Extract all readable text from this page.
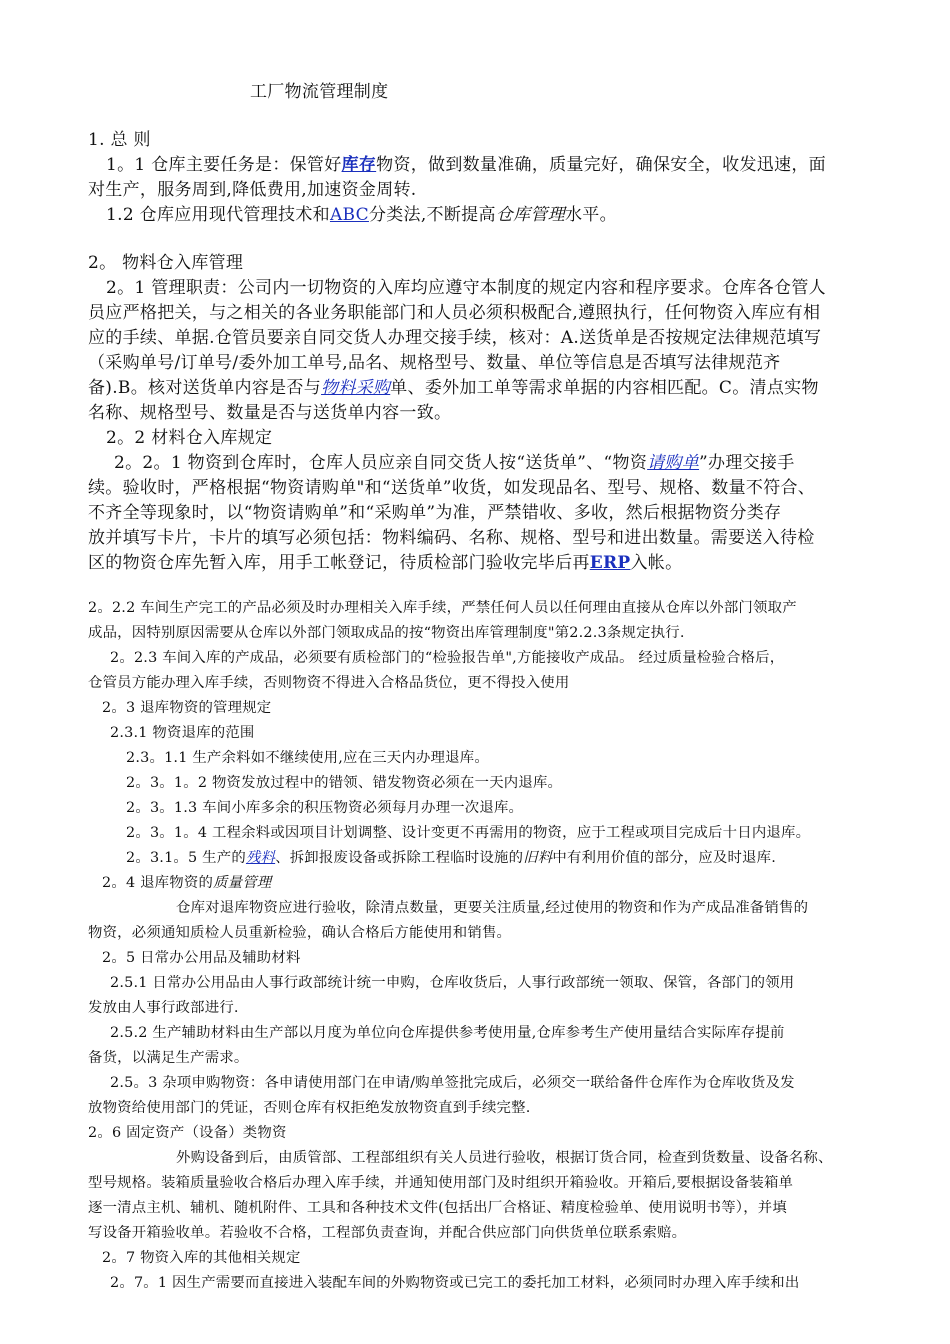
工厂物流管理制度
1. 总 则
1。1 仓库主要任务是：保管好库存物资，做到数量准确，质量完好，确保安全，收发迅速，面
对生产，服务周到,降低费用,加速资金周转.
1.2 仓库应用现代管理技术和ABC分类法,不断提高仓库管理水平。
2。 物料仓入库管理
2。1 管理职责：公司内一切物资的入库均应遵守本制度的规定内容和程序要求。仓库各仓管人
员应严格把关，与之相关的各业务职能部门和人员必须积极配合,遵照执行，任何物资入库应有相
应的手续、单据.仓管员要亲自同交货人办理交接手续，核对：A.送货单是否按规定法律规范填写
（采购单号/订单号/委外加工单号,品名、规格型号、数量、单位等信息是否填写法律规范齐
备).B。核对送货单内容是否与物料采购单、委外加工单等需求单据的内容相匹配。C。清点实物
名称、规格型号、数量是否与送货单内容一致。
2。2 材料仓入库规定
2。2。1 物资到仓库时，仓库人员应亲自同交货人按“送货单”、“物资请购单”办理交接手
续。验收时，严格根据“物资请购单"和“送货单”收货，如发现品名、型号、规格、数量不符合、
不齐全等现象时，以“物资请购单”和“采购单”为准，严禁错收、多收，然后根据物资分类存
放并填写卡片，卡片的填写必须包括：物料编码、名称、规格、型号和进出数量。需要送入待检
区的物资仓库先暂入库，用手工帐登记，待质检部门验收完毕后再ERP入帐。
2。2.2 车间生产完工的产品必须及时办理相关入库手续，严禁任何人员以任何理由直接从仓库以外部门领取产
成品，因特别原因需要从仓库以外部门领取成品的按“物资出库管理制度"第2.2.3条规定执行.
2。2.3 车间入库的产成品，必须要有质检部门的“检验报告单",方能接收产成品。 经过质量检验合格后，
仓管员方能办理入库手续，否则物资不得进入合格品货位，更不得投入使用
2。3 退库物资的管理规定
2.3.1 物资退库的范围
2.3。1.1 生产余料如不继续使用,应在三天内办理退库。
2。3。1。2 物资发放过程中的错领、错发物资必须在一天内退库。
2。3。1.3 车间小库多余的积压物资必须每月办理一次退库。
2。3。1。4 工程余料或因项目计划调整、设计变更不再需用的物资，应于工程或项目完成后十日内退库。
2。3.1。5 生产的残料、拆卸报废设备或拆除工程临时设施的旧料中有利用价值的部分，应及时退库.
2。4 退库物资的质量管理
仓库对退库物资应进行验收，除清点数量，更要关注质量,经过使用的物资和作为产成品准备销售的
物资，必须通知质检人员重新检验，确认合格后方能使用和销售。
2。5 日常办公用品及辅助材料
2.5.1 日常办公用品由人事行政部统计统一申购，仓库收货后，人事行政部统一领取、保管，各部门的领用
发放由人事行政部进行.
2.5.2 生产辅助材料由生产部以月度为单位向仓库提供参考使用量,仓库参考生产使用量结合实际库存提前
备货，以满足生产需求。
2.5。3 杂项申购物资：各申请使用部门在申请/购单签批完成后，必须交一联给备件仓库作为仓库收货及发
放物资给使用部门的凭证，否则仓库有权拒绝发放物资直到手续完整.
2。6 固定资产（设备）类物资
外购设备到后，由质管部、工程部组织有关人员进行验收，根据订货合同，检查到货数量、设备名称、
型号规格。装箱质量验收合格后办理入库手续，并通知使用部门及时组织开箱验收。开箱后,要根据设备装箱单
逐一清点主机、辅机、随机附件、工具和各种技术文件(包括出厂合格证、精度检验单、使用说明书等），并填
写设备开箱验收单。若验收不合格，工程部负责查询，并配合供应部门向供货单位联系索赔。
2。7 物资入库的其他相关规定
2。7。1 因生产需要而直接进入装配车间的外购物资或已完工的委托加工材料，必须同时办理入库手续和出
